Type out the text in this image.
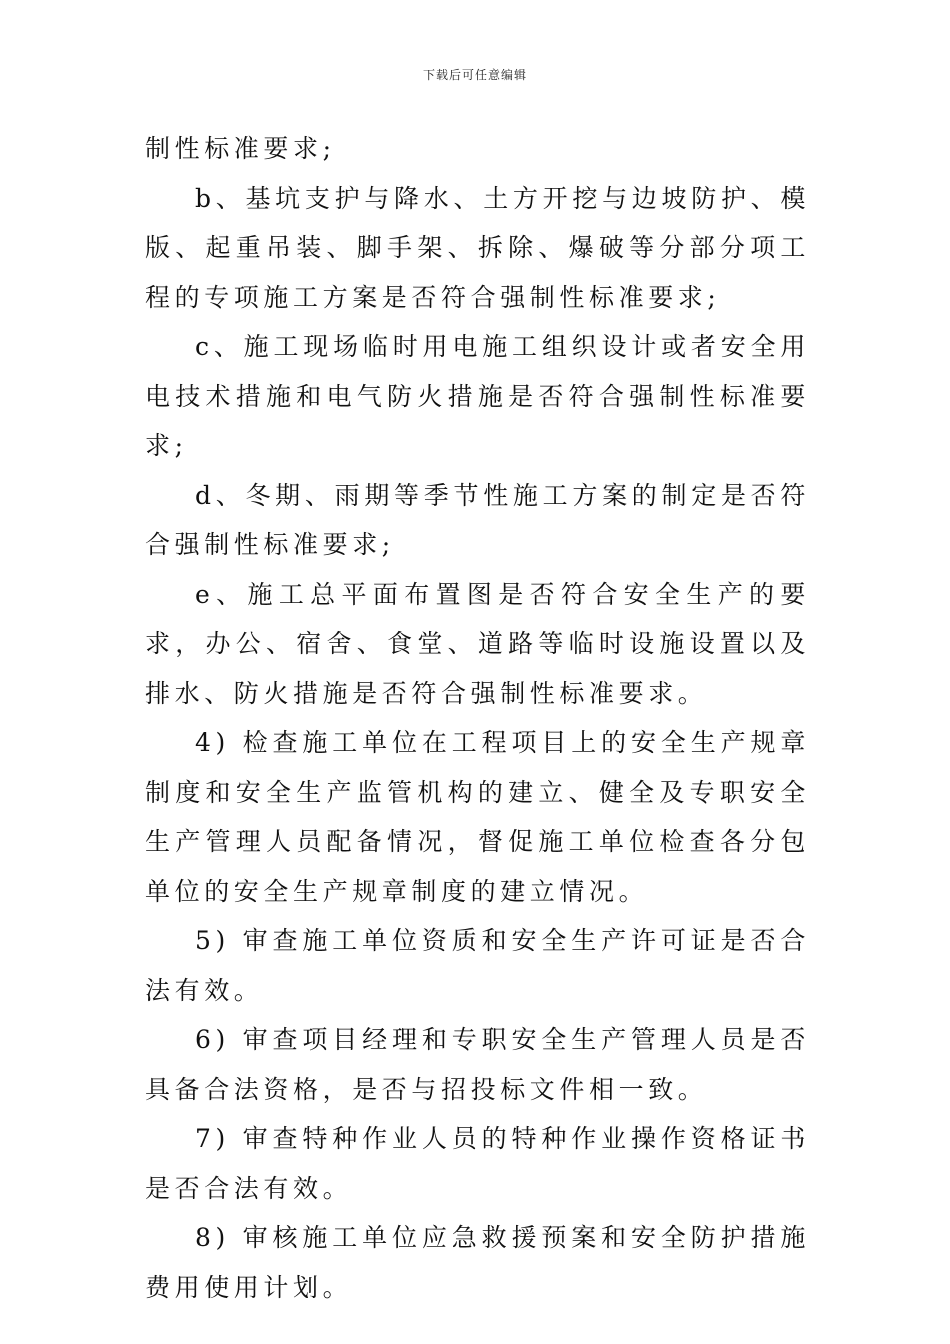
下载后可任意编辑

制性标准要求;

b、基坑支护与降水、土方开挖与边坡防护、模版、起重吊装、脚手架、拆除、爆破等分部分项工程的专项施工方案是否符合强制性标准要求;

c、施工现场临时用电施工组织设计或者安全用电技术措施和电气防火措施是否符合强制性标准要求;

d、冬期、雨期等季节性施工方案的制定是否符合强制性标准要求;

e、施工总平面布置图是否符合安全生产的要求，办公、宿舍、食堂、道路等临时设施设置以及排水、防火措施是否符合强制性标准要求。

4) 检查施工单位在工程项目上的安全生产规章制度和安全生产监管机构的建立、健全及专职安全生产管理人员配备情况，督促施工单位检查各分包单位的安全生产规章制度的建立情况。

5) 审查施工单位资质和安全生产许可证是否合法有效。

6) 审查项目经理和专职安全生产管理人员是否具备合法资格，是否与招投标文件相一致。

7) 审查特种作业人员的特种作业操作资格证书是否合法有效。

8) 审核施工单位应急救援预案和安全防护措施费用使用计划。
